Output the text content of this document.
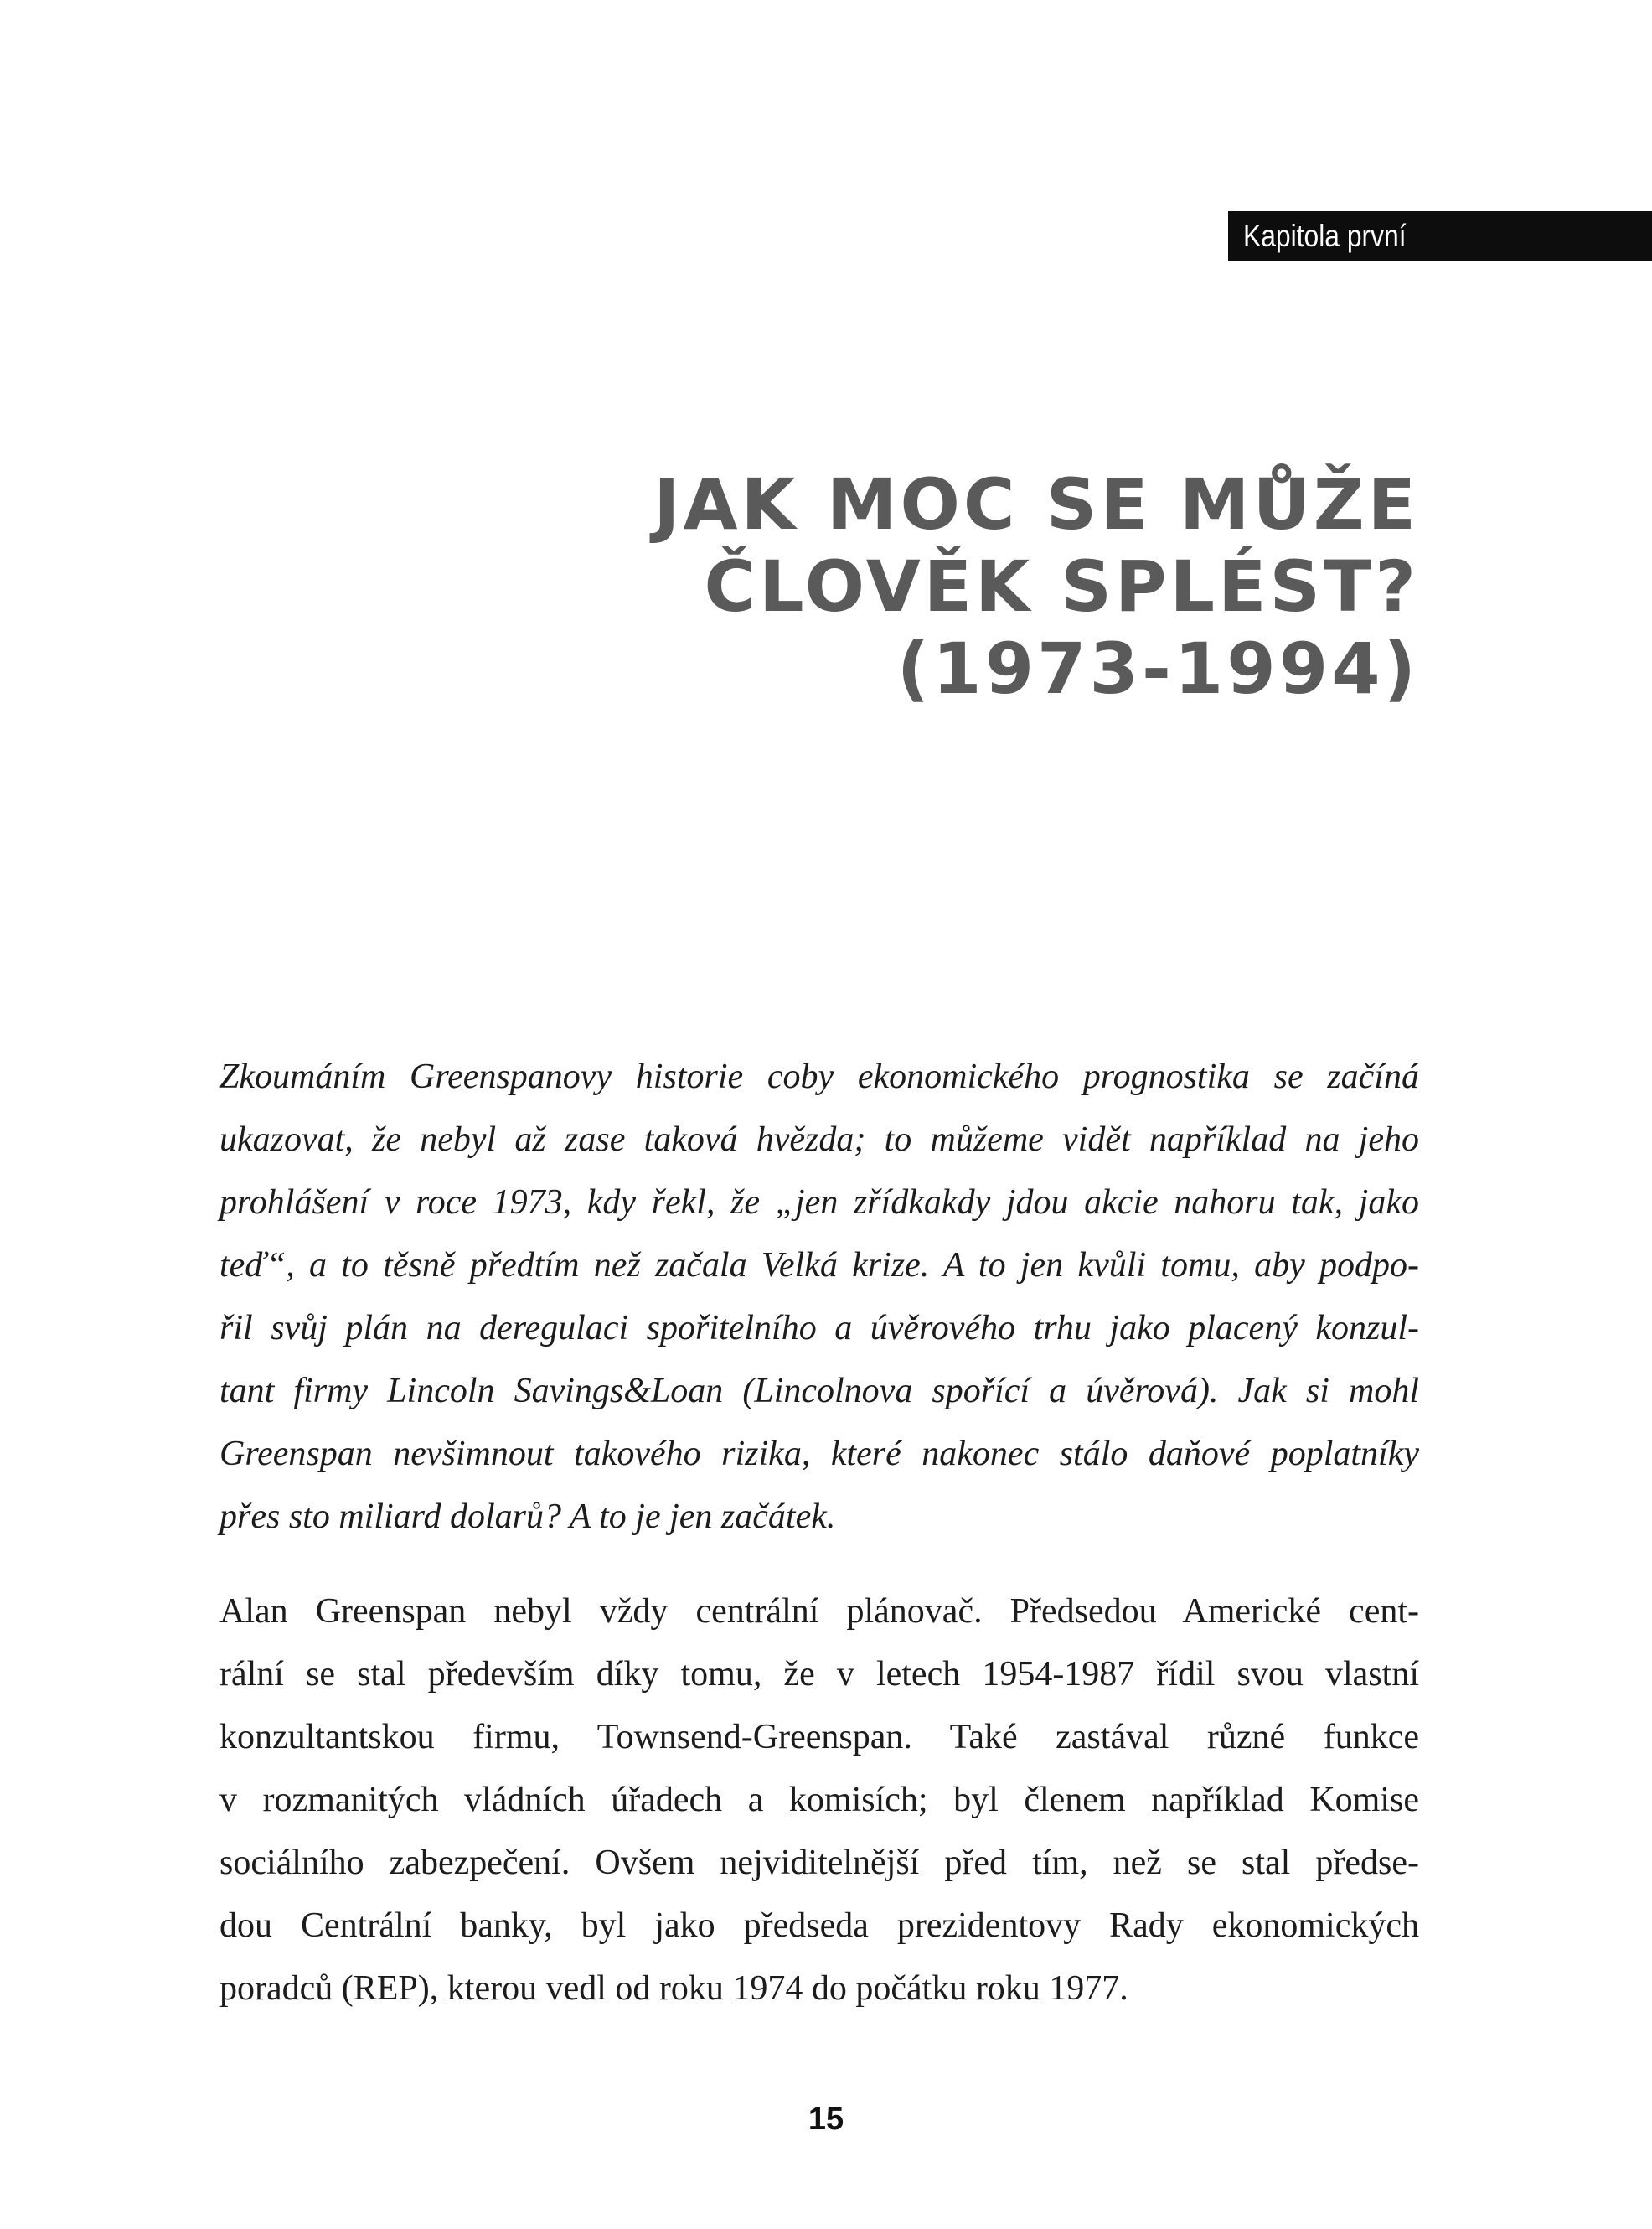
Kapitola první
JAK MOC SE MŮŽE
ČLOVĚK SPLÉST?
(1973-1994)

Zkoumáním Greenspanovy historie coby ekonomického prognostika se začíná
ukazovat, že nebyl až zase taková hvězda; to můžeme vidět například na jeho
prohlášení v roce 1973, kdy řekl, že „jen zřídkakdy jdou akcie nahoru tak, jako
teď“, a to těsně předtím než začala Velká krize. A to jen kvůli tomu, aby podpo-
řil svůj plán na deregulaci spořitelního a úvěrového trhu jako placený konzul-
tant firmy Lincoln Savings&Loan (Lincolnova spořící a úvěrová). Jak si mohl
Greenspan nevšimnout takového rizika, které nakonec stálo daňové poplatníky
přes sto miliard dolarů? A to je jen začátek.

Alan Greenspan nebyl vždy centrální plánovač. Předsedou Americké cent-
rální se stal především díky tomu, že v letech 1954-1987 řídil svou vlastní
konzultantskou firmu, Townsend-Greenspan. Také zastával různé funkce
v rozmanitých vládních úřadech a komisích; byl členem například Komise
sociálního zabezpečení. Ovšem nejviditelnější před tím, než se stal předse-
dou Centrální banky, byl jako předseda prezidentovy Rady ekonomických
poradců (REP), kterou vedl od roku 1974 do počátku roku 1977.

15
